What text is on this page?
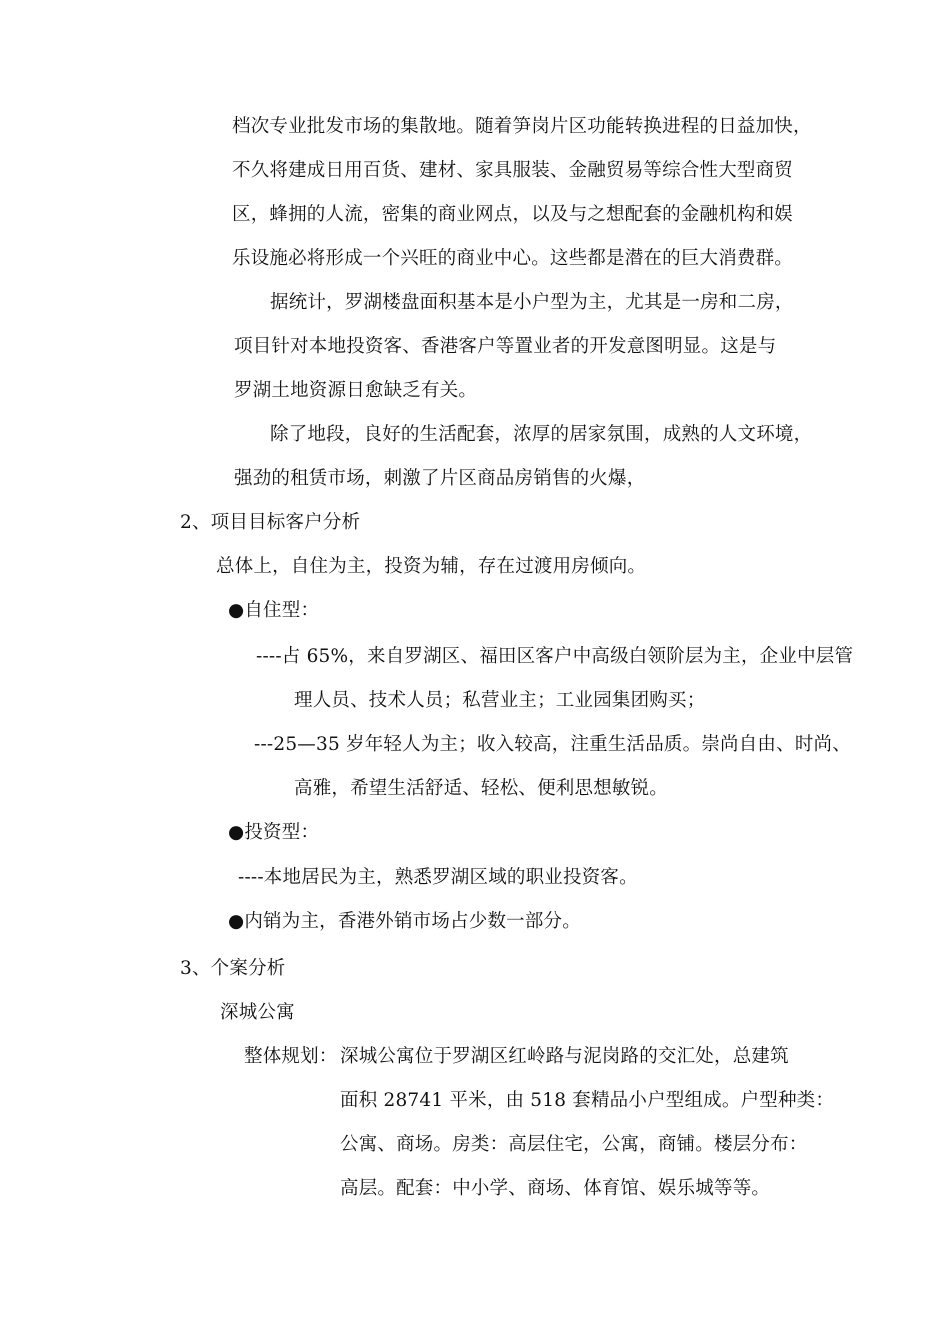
档次专业批发市场的集散地。随着笋岗片区功能转换进程的日益加快，
不久将建成日用百货、建材、家具服装、金融贸易等综合性大型商贸
区，蜂拥的人流，密集的商业网点，以及与之想配套的金融机构和娱
乐设施必将形成一个兴旺的商业中心。这些都是潜在的巨大消费群。
据统计，罗湖楼盘面积基本是小户型为主，尤其是一房和二房，
项目针对本地投资客、香港客户等置业者的开发意图明显。这是与
罗湖土地资源日愈缺乏有关。
除了地段，良好的生活配套，浓厚的居家氛围，成熟的人文环境，
强劲的租赁市场，刺激了片区商品房销售的火爆，
2、项目目标客户分析
总体上，自住为主，投资为辅，存在过渡用房倾向。
●自住型：
----占 65%，来自罗湖区、福田区客户中高级白领阶层为主，企业中层管
理人员、技术人员；私营业主；工业园集团购买；
---25—35 岁年轻人为主；收入较高，注重生活品质。崇尚自由、时尚、
高雅，希望生活舒适、轻松、便利思想敏锐。
●投资型：
----本地居民为主，熟悉罗湖区域的职业投资客。
●内销为主，香港外销市场占少数一部分。
3、个案分析
深城公寓
整体规划： 深城公寓位于罗湖区红岭路与泥岗路的交汇处，总建筑
面积 28741 平米，由 518 套精品小户型组成。户型种类：
公寓、商场。房类：高层住宅，公寓，商铺。楼层分布：
高层。配套：中小学、商场、体育馆、娱乐城等等。
